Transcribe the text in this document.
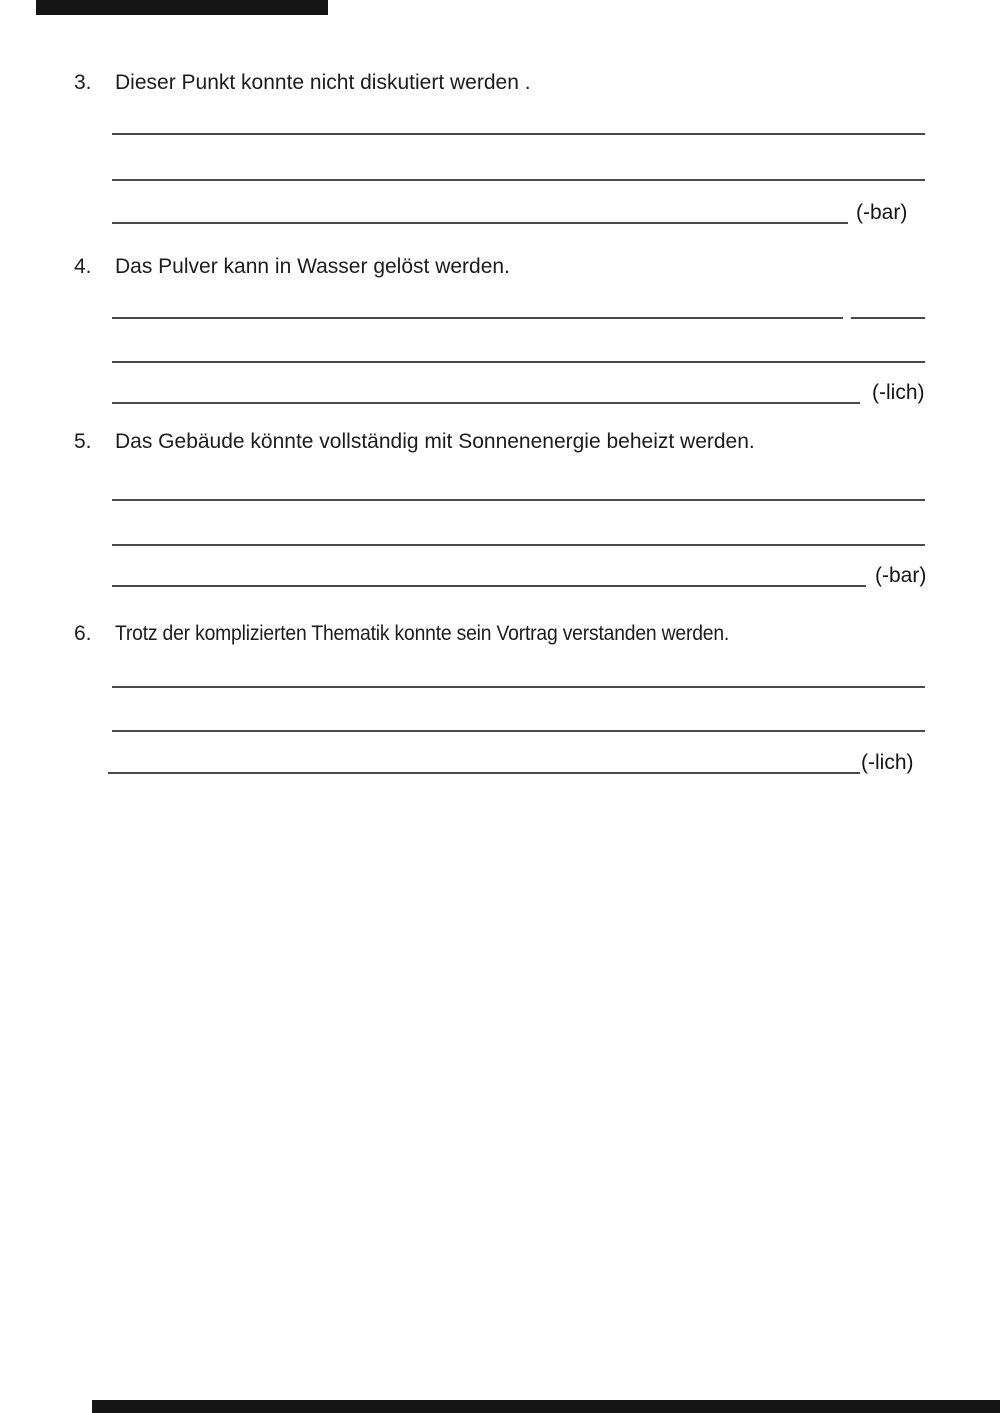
3. Dieser Punkt konnte nicht diskutiert werden .
(-bar)
4. Das Pulver kann in Wasser gelöst werden.
(-lich)
5. Das Gebäude könnte vollständig mit Sonnenenergie beheizt werden.
(-bar)
6. Trotz der komplizierten Thematik konnte sein Vortrag verstanden werden.
(-lich)
